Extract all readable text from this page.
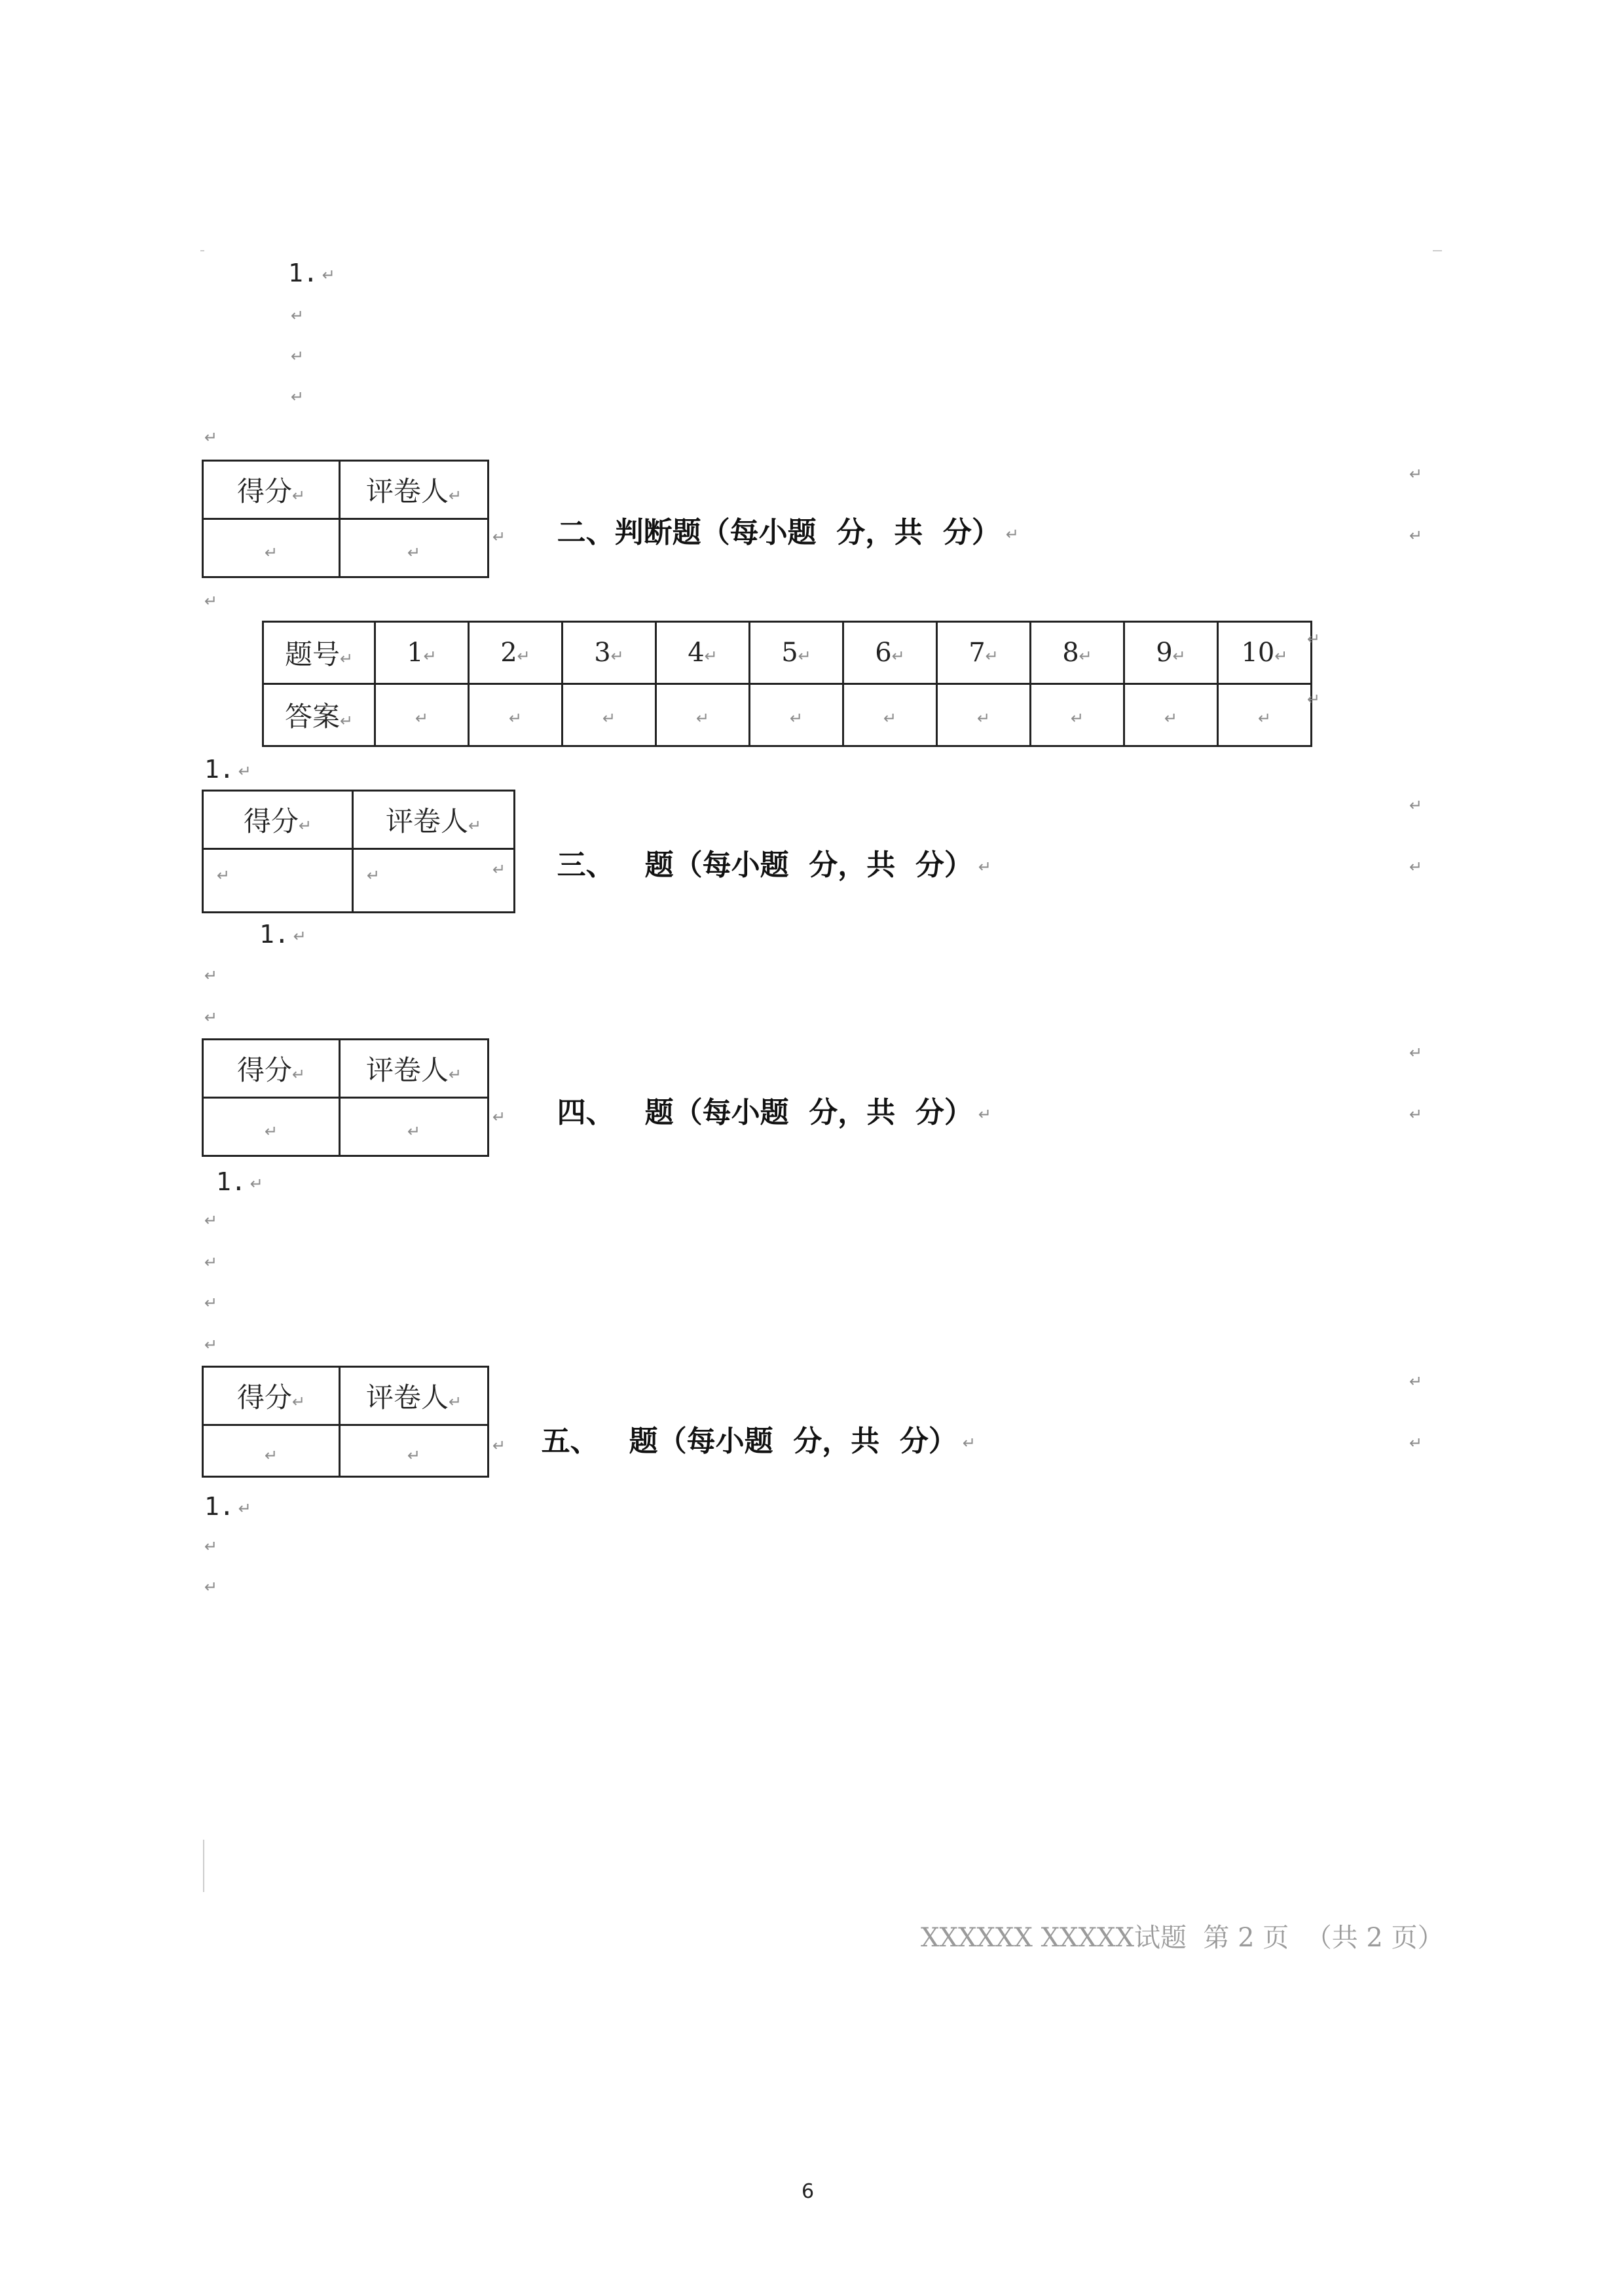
1. ↵
↵
↵
↵
↵
得分↵	评卷人↵
↵	↵
↵	二、判断题（每小题  分，共  分） ↵

↵
↵
↵
题号↵	1↵	2↵	3↵	4↵	5↵	6↵	7↵	8↵	9↵	10↵
答案↵	↵	↵	↵	↵	↵	↵	↵	↵	↵	↵
↵
↵
1. ↵
得分↵	评卷人↵
↵	↵	↵	三、   题（每小题  分，共  分） ↵

↵
↵
1. ↵
↵
↵
得分↵	评卷人↵
↵	↵
↵	四、   题（每小题  分，共  分） ↵

↵
↵
1. ↵
↵
↵
↵
↵
得分↵	评卷人↵
↵	↵
↵	五、   题（每小题  分，共  分） ↵

↵
↵
1. ↵
↵
↵
XXXXXX XXXXX试题  第 2 页  （共 2 页）
6
